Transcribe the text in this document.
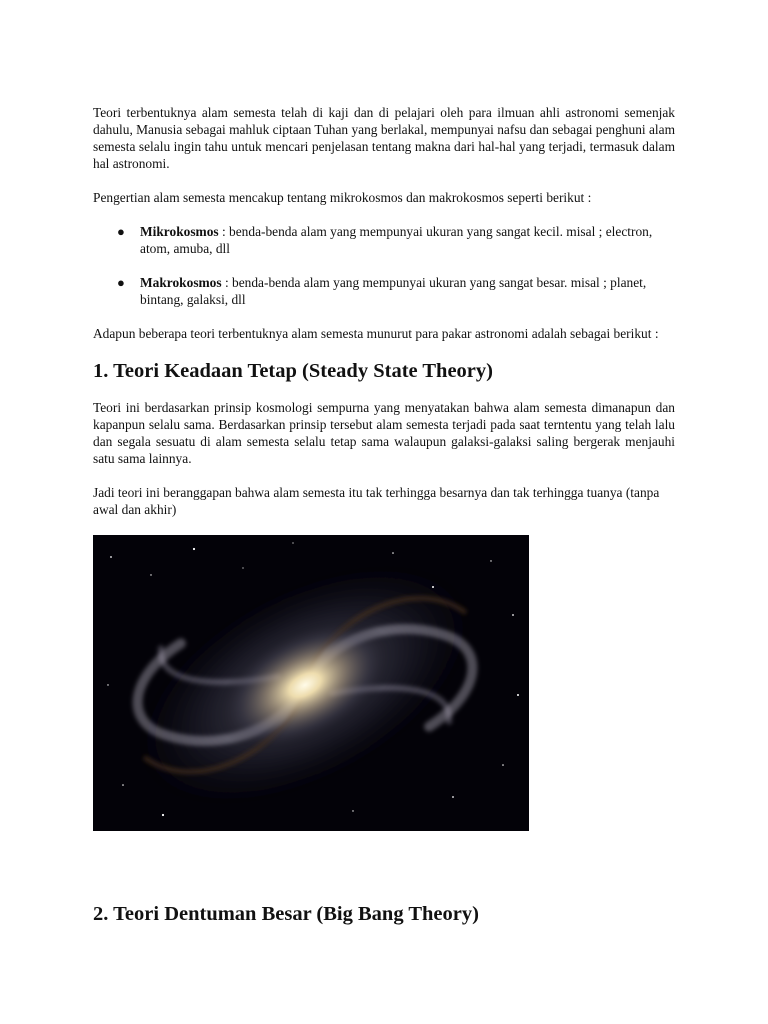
Teori terbentuknya alam semesta telah di kaji dan di pelajari oleh para ilmuan ahli astronomi semenjak dahulu, Manusia sebagai mahluk ciptaan Tuhan yang berlakal, mempunyai nafsu dan sebagai penghuni alam semesta selalu ingin tahu untuk mencari penjelasan tentang makna dari hal-hal yang terjadi, termasuk dalam hal astronomi.

Pengertian alam semesta mencakup tentang mikrokosmos dan makrokosmos seperti berikut :

● Mikrokosmos : benda-benda alam yang mempunyai ukuran yang sangat kecil. misal ; electron, atom, amuba, dll
● Makrokosmos : benda-benda alam yang mempunyai ukuran yang sangat besar. misal ; planet, bintang, galaksi, dll

Adapun beberapa teori terbentuknya alam semesta munurut para pakar astronomi adalah sebagai berikut :

1. Teori Keadaan Tetap (Steady State Theory)

Teori ini berdasarkan prinsip kosmologi sempurna yang menyatakan bahwa alam semesta dimanapun dan kapanpun selalu sama. Berdasarkan prinsip tersebut alam semesta terjadi pada saat terntentu yang telah lalu dan segala sesuatu di alam semesta selalu tetap sama walaupun galaksi-galaksi saling bergerak menjauhi satu sama lainnya.

Jadi teori ini beranggapan bahwa alam semesta itu tak terhingga besarnya dan tak terhingga tuanya (tanpa awal dan akhir)

2. Teori Dentuman Besar (Big Bang Theory)
